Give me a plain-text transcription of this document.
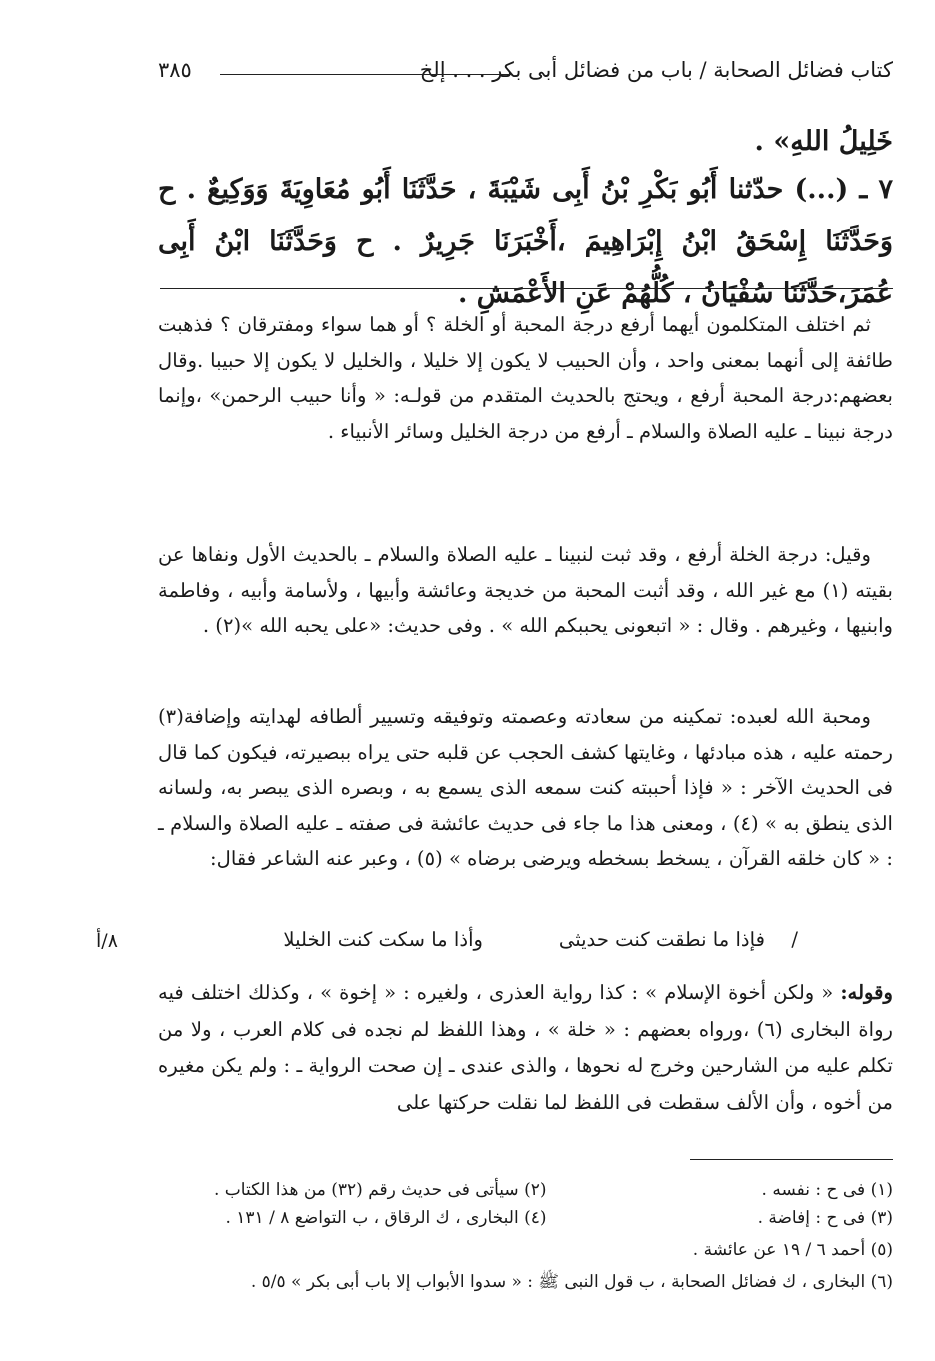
كتاب فضائل الصحابة / باب من فضائل أبى بكر . . . إلخ
٣٨٥
خَلِيلُ اللهِ» .
٧ ـ (...) حدّثنا أَبُو بَكْرِ بْنُ أَبِى شَيْبَةَ ، حَدَّثَنَا أَبُو مُعَاوِيَةَ وَوَكِيعٌ . ح وَحَدَّثَنَا إِسْحَقُ ابْنُ إِبْرَاهِيمَ ،أَخْبَرَنَا جَرِيرٌ . ح وَحَدَّثَنَا ابْنُ أَبِى عُمَرَ،حَدَّثَنَا سُفْيَانُ ، كُلُّهُمْ عَنِ الأَعْمَشِ .

ثم اختلف المتكلمون أيهما أرفع درجة المحبة أو الخلة ؟ أو هما سواء ومفترقان ؟ فذهبت طائفة إلى أنهما بمعنى واحد ، وأن الحبيب لا يكون إلا خليلا ، والخليل لا يكون إلا حبيبا .وقال بعضهم:درجة المحبة أرفع ، ويحتج بالحديث المتقدم من قولـه: « وأنا حبيب الرحمن» ،وإنما درجة نبينا ـ عليه الصلاة والسلام ـ أرفع من درجة الخليل وسائر الأنبياء .

وقيل: درجة الخلة أرفع ، وقد ثبت لنبينا ـ عليه الصلاة والسلام ـ بالحديث الأول ونفاها عن بقيته (١) مع غير الله ، وقد أثبت المحبة من خديجة وعائشة وأبيها ، ولأسامة وأبيه ، وفاطمة وابنيها ، وغيرهم . وقال : « اتبعونى يحببكم الله » . وفى حديث: «على يحبه الله »(٢) .

ومحبة الله لعبده: تمكينه من سعادته وعصمته وتوفيقه وتسيير ألطافه لهدايته وإضافة(٣) رحمته عليه ، هذه مبادئها ، وغايتها كشف الحجب عن قلبه حتى يراه ببصيرته، فيكون كما قال فى الحديث الآخر : « فإذا أحببته كنت سمعه الذى يسمع به ، وبصره الذى يبصر به، ولسانه الذى ينطق به » (٤) ، ومعنى هذا ما جاء فى حديث عائشة فى صفته ـ عليه الصلاة والسلام ـ : « كان خلقه القرآن ، يسخط بسخطه ويرضى برضاه » (٥) ، وعبر عنه الشاعر فقال:

/
فإذا ما نطقت كنت حديثى
وأذا ما سكت كنت الخليلا
٨/أ

وقوله: « ولكن أخوة الإسلام » : كذا رواية العذرى ، ولغيره : « إخوة » ، وكذلك اختلف فيه رواة البخارى (٦) ،ورواه بعضهم : « خلة » ، وهذا اللفظ لم نجده فى كلام العرب ، ولا من تكلم عليه من الشارحين وخرج له نحوها ، والذى عندى ـ إن صحت الرواية ـ : ولم يكن مغيره من أخوه ، وأن الألف سقطت فى اللفظ لما نقلت حركتها على

(١) فى ح : نفسه .
(٢) سيأتى فى حديث رقم (٣٢) من هذا الكتاب .
(٣) فى ح : إفاضة .
(٤) البخارى ، ك الرقاق ، ب التواضع ٨ / ١٣١ .
(٥) أحمد ٦ / ١٩ عن عائشة .
(٦) البخارى ، ك فضائل الصحابة ، ب قول النبى ﷺ : « سدوا الأبواب إلا باب أبى بكر » ٥/٥ .
